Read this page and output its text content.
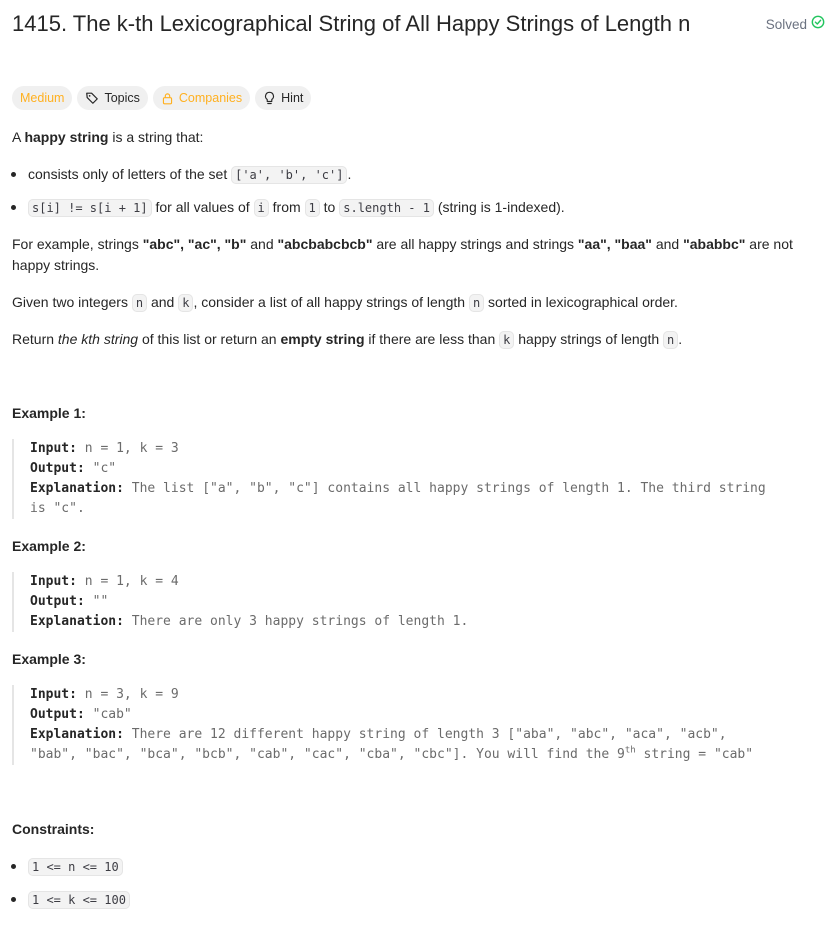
1415. The k-th Lexicographical String of All Happy Strings of Length n	Solved
Medium	Topics	Companies	Hint

A happy string is a string that:

consists only of letters of the set ['a', 'b', 'c'] .

s[i] != s[i + 1] for all values of i from 1 to s.length - 1 (string is 1-indexed).

For example, strings "abc", "ac", "b" and "abcbabcbcb" are all happy strings and strings "aa", "baa" and "ababbc" are not happy strings.

Given two integers n and k , consider a list of all happy strings of length n sorted in lexicographical order.

Return the kth string of this list or return an empty string if there are less than k happy strings of length n .

Example 1:

Input: n = 1, k = 3
Output: "c"
Explanation: The list ["a", "b", "c"] contains all happy strings of length 1. The third string
is "c".

Example 2:

Input: n = 1, k = 4
Output: ""
Explanation: There are only 3 happy strings of length 1.

Example 3:

Input: n = 3, k = 9
Output: "cab"
Explanation: There are 12 different happy string of length 3 ["aba", "abc", "aca", "acb",
"bab", "bac", "bca", "bcb", "cab", "cac", "cba", "cbc"]. You will find the 9th string = "cab"

Constraints:

1 <= n <= 10

1 <= k <= 100
